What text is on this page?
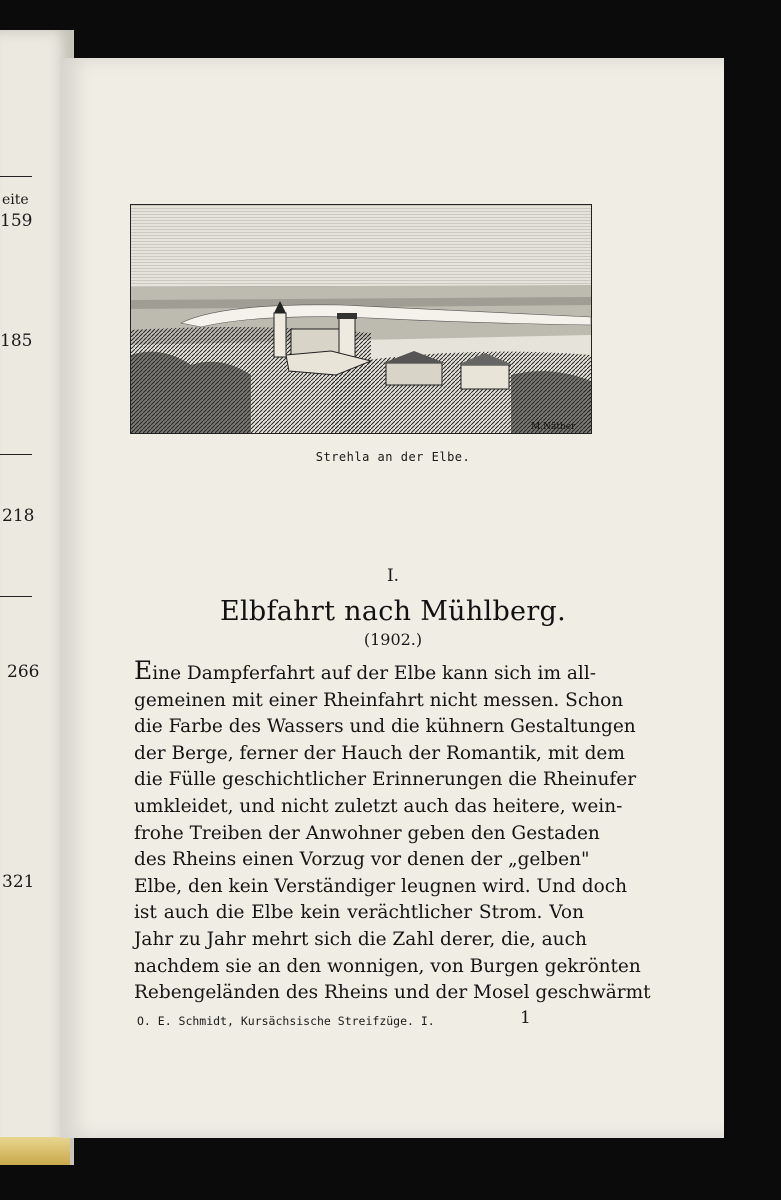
eite
159
185
218
266
321
M.Näther
Strehla an der Elbe.
I.
Elbfahrt nach Mühlberg.
(1902.)
Eine Dampferfahrt auf der Elbe kann sich im all-
gemeinen mit einer Rheinfahrt nicht messen. Schon
die Farbe des Wassers und die kühnern Gestaltungen
der Berge, ferner der Hauch der Romantik, mit dem
die Fülle geschichtlicher Erinnerungen die Rheinufer
umkleidet, und nicht zuletzt auch das heitere, wein-
frohe Treiben der Anwohner geben den Gestaden
des Rheins einen Vorzug vor denen der „gelben"
Elbe, den kein Verständiger leugnen wird. Und doch
ist auch die Elbe kein verächtlicher Strom. Von
Jahr zu Jahr mehrt sich die Zahl derer, die, auch
nachdem sie an den wonnigen, von Burgen gekrönten
Rebengeländen des Rheins und der Mosel geschwärmt
O. E. Schmidt, Kursächsische Streifzüge. I.	1
